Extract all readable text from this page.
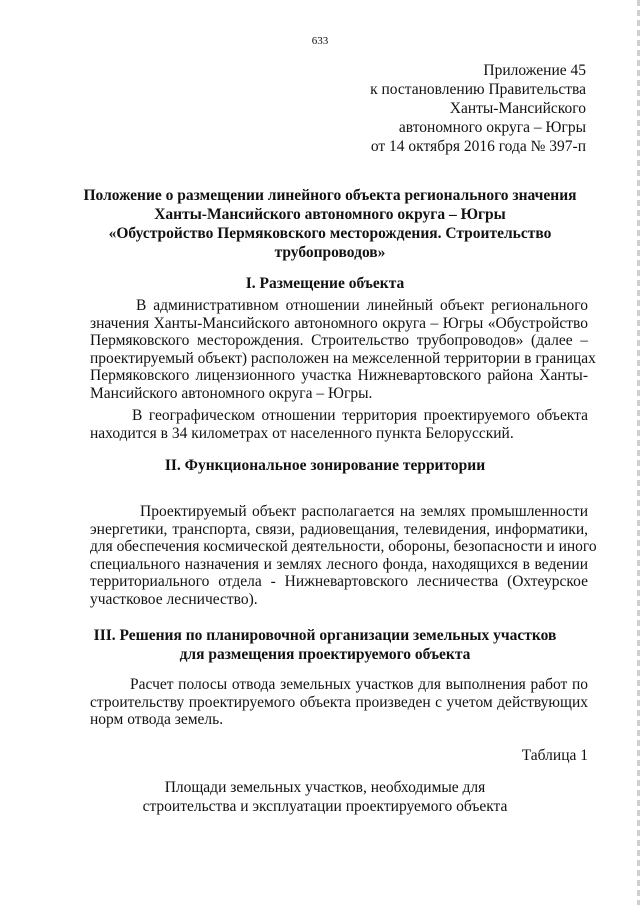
633
Приложение 45
к постановлению Правительства
Ханты-Мансийского
автономного округа – Югры
от 14 октября 2016 года № 397-п
Положение о размещении линейного объекта регионального значения
Ханты-Мансийского автономного округа – Югры
«Обустройство Пермяковского месторождения. Строительство
трубопроводов»
I. Размещение объекта
В административном отношении линейный объект регионального
значения Ханты-Мансийского автономного округа – Югры «Обустройство
Пермяковского месторождения. Строительство трубопроводов» (далее –
проектируемый объект) расположен на межселенной территории в границах
Пермяковского лицензионного участка Нижневартовского района Ханты-
Мансийского автономного округа – Югры.
В географическом отношении территория проектируемого объекта
находится в 34 километрах от населенного пункта Белорусский.
II. Функциональное зонирование территории
Проектируемый объект располагается на землях промышленности
энергетики, транспорта, связи, радиовещания, телевидения, информатики,
для обеспечения космической деятельности, обороны, безопасности и иного
специального назначения и землях лесного фонда, находящихся в ведении
территориального отдела - Нижневартовского лесничества (Охтеурское
участковое лесничество).
III. Решения по планировочной организации земельных участков
для размещения проектируемого объекта
Расчет полосы отвода земельных участков для выполнения работ по
строительству проектируемого объекта произведен с учетом действующих
норм отвода земель.
Таблица 1
Площади земельных участков, необходимые для
строительства и эксплуатации проектируемого объекта
